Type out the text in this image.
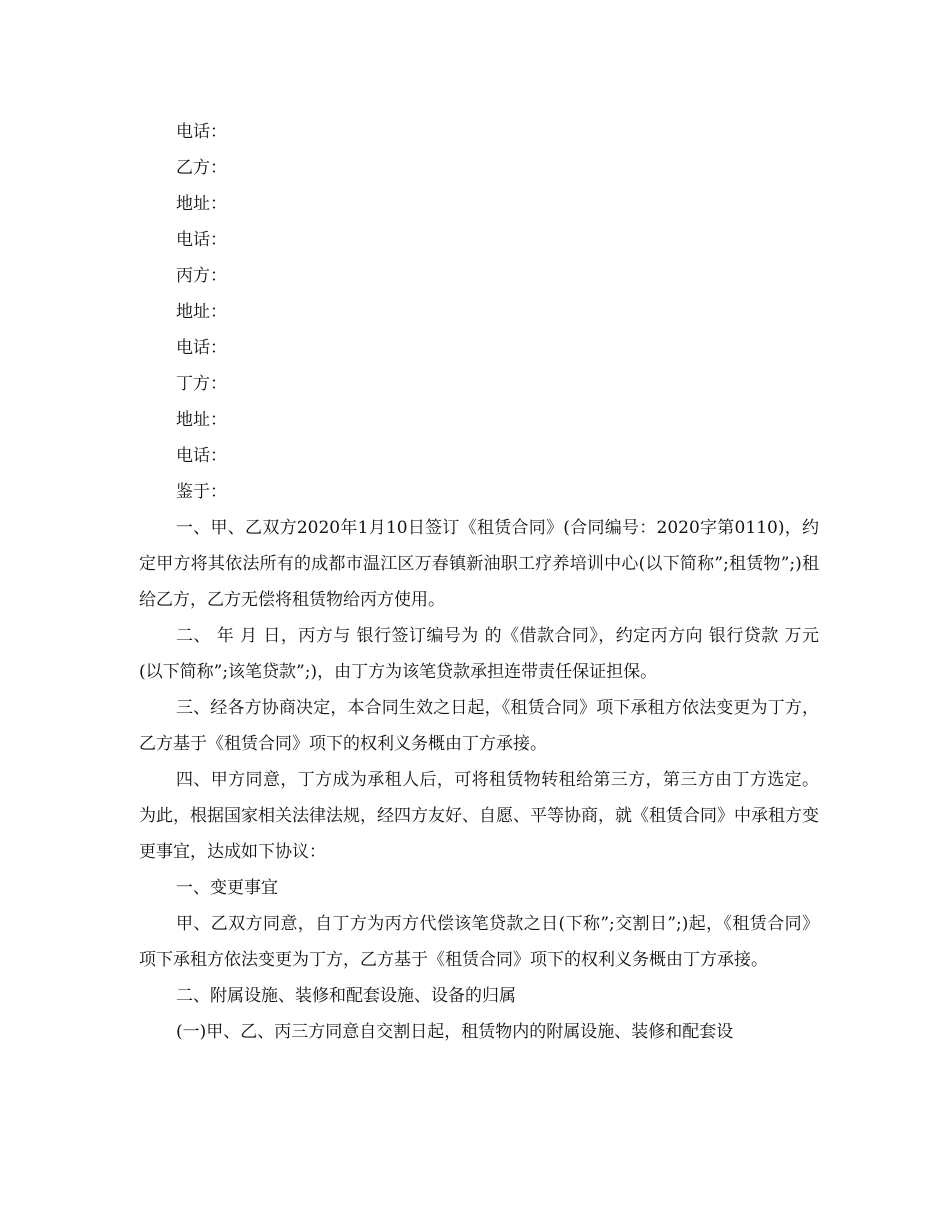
电话：

乙方：

地址：

电话：

丙方：

地址：

电话：

丁方：

地址：

电话：

鉴于：

一、甲、乙双方2020年1月10日签订《租赁合同》(合同编号：2020字第0110)，约定甲方将其依法所有的成都市温江区万春镇新油职工疗养培训中心(以下简称”;租赁物”;)租给乙方，乙方无偿将租赁物给丙方使用。

二、 年 月 日，丙方与 银行签订编号为 的《借款合同》，约定丙方向 银行贷款 万元(以下简称”;该笔贷款”;)，由丁方为该笔贷款承担连带责任保证担保。

三、经各方协商决定，本合同生效之日起，《租赁合同》项下承租方依法变更为丁方，乙方基于《租赁合同》项下的权利义务概由丁方承接。

四、甲方同意，丁方成为承租人后，可将租赁物转租给第三方，第三方由丁方选定。为此，根据国家相关法律法规，经四方友好、自愿、平等协商，就《租赁合同》中承租方变更事宜，达成如下协议：

一、变更事宜

甲、乙双方同意，自丁方为丙方代偿该笔贷款之日(下称”;交割日”;)起，《租赁合同》项下承租方依法变更为丁方，乙方基于《租赁合同》项下的权利义务概由丁方承接。

二、附属设施、装修和配套设施、设备的归属

(一)甲、乙、丙三方同意自交割日起，租赁物内的附属设施、装修和配套设
